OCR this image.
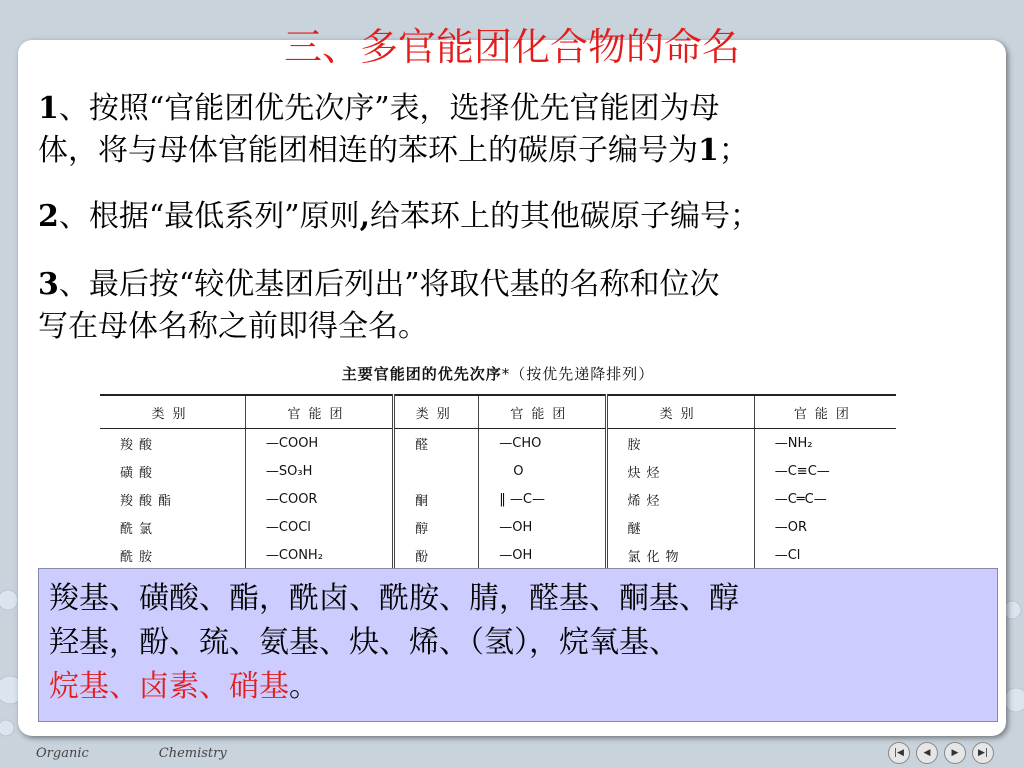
三、多官能团化合物的命名

1、按照“官能团优先次序”表，选择优先官能团为母
体，将与母体官能团相连的苯环上的碳原子编号为1；

2、根据“最低系列”原则,给苯环上的其他碳原子编号；

3、最后按“较优基团后列出”将取代基的名称和位次
写在母体名称之前即得全名。

主要官能团的优先次序*（按优先递降排列）
类别	官能团	类别	官能团	类别	官能团
羧酸	—COOH	醛	—CHO	胺	—NH₂
磺酸	—SO₃H		O	炔烃	—C≡C—
羧酸酯	—COOR	酮	‖ —C—	烯烃	—C═C—
酰氯	—COCl	醇	—OH	醚	—OR
酰胺	—CONH₂	酚	—OH	氯化物	—Cl

羧基、磺酸、酯，酰卤、酰胺、腈，醛基、酮基、醇

羟基，酚、巯、氨基、炔、烯、（氢），烷氧基、

烷基、卤素、硝基。

Organic	Chemistry	|◀	◀	▶	▶|
